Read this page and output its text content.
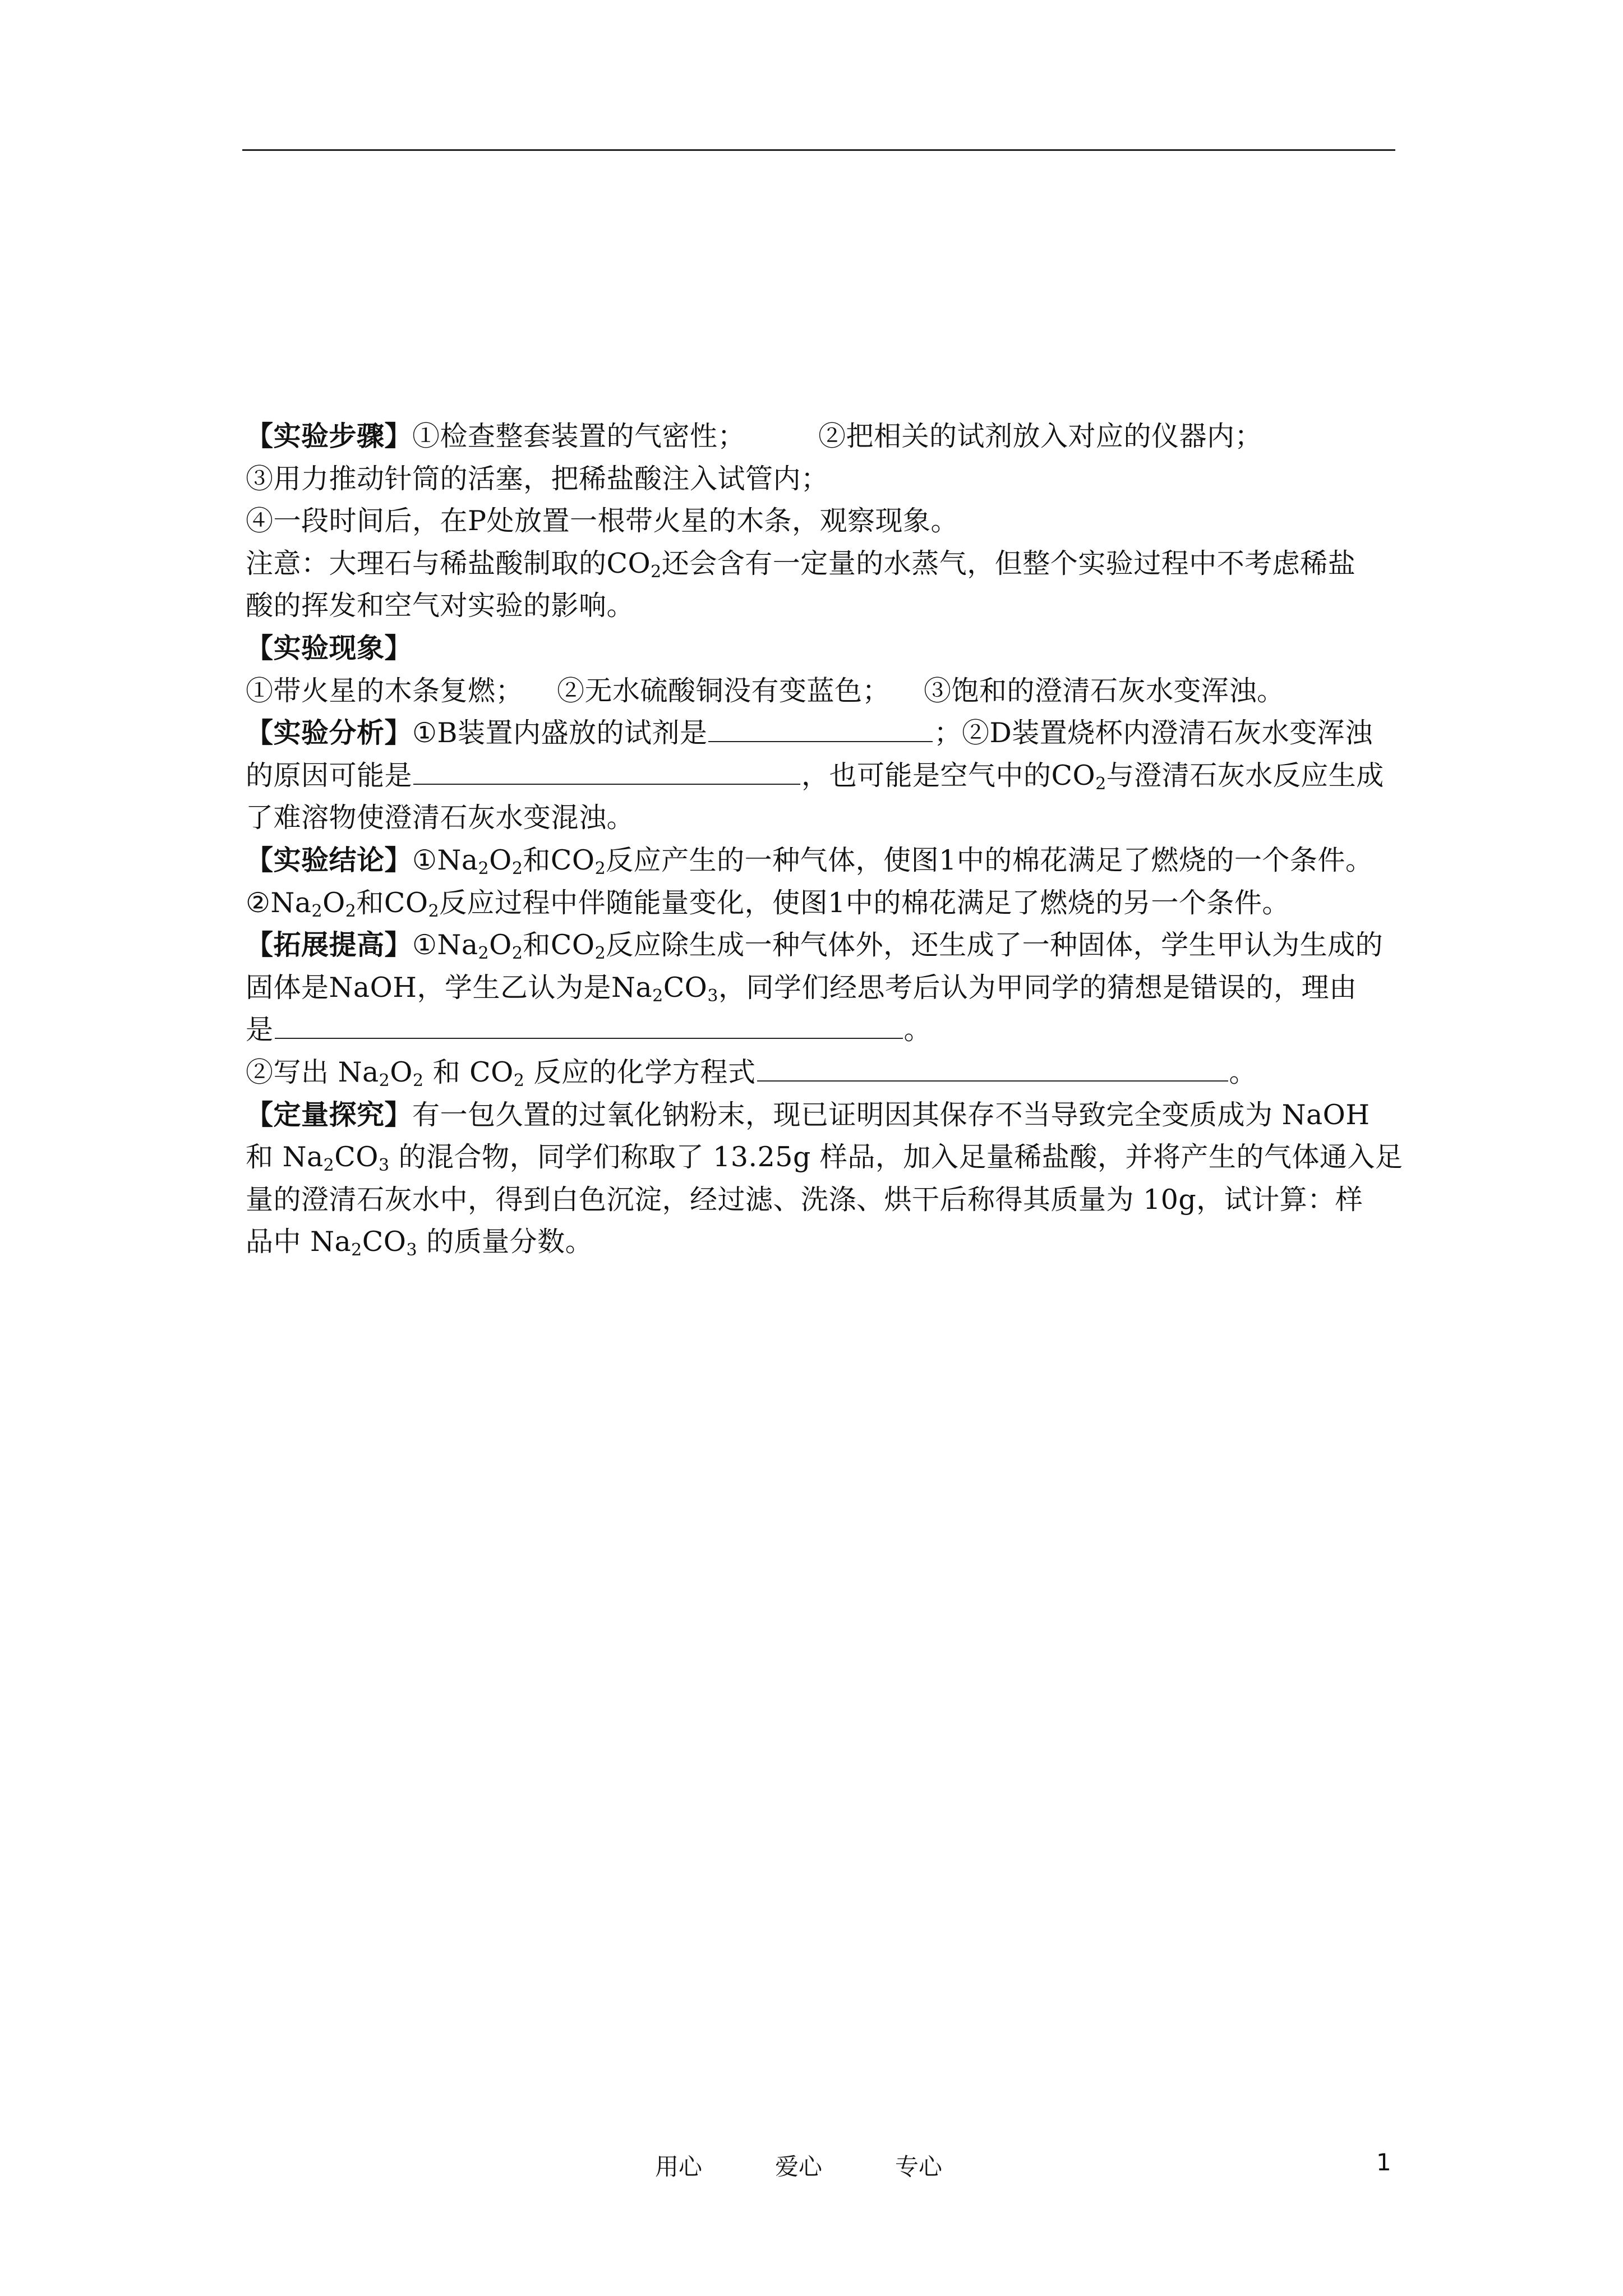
【实验步骤】①检查整套装置的气密性；	②把相关的试剂放入对应的仪器内；
③用力推动针筒的活塞，把稀盐酸注入试管内；
④一段时间后，在P处放置一根带火星的木条，观察现象。
注意：大理石与稀盐酸制取的$CO_2$还会含有一定量的水蒸气，但整个实验过程中不考虑稀盐
酸的挥发和空气对实验的影响。
【实验现象】
①带火星的木条复燃； ②无水硫酸铜没有变蓝色； ③饱和的澄清石灰水变浑浊。
【实验分析】①B装置内盛放的试剂是	；②D装置烧杯内澄清石灰水变浑浊
的原因可能是	，也可能是空气中的$CO_2$与澄清石灰水反应生成
了难溶物使澄清石灰水变混浊。
【实验结论】$①Na_2O_2$和$CO_2$反应产生的一种气体，使图1中的棉花满足了燃烧的一个条件。
$②Na_2O_2$和$CO_2$反应过程中伴随能量变化，使图1中的棉花满足了燃烧的另一个条件。
【拓展提高】$①Na_2O_2$和$CO_2$反应除生成一种气体外，还生成了一种固体，学生甲认为生成的
固体是NaOH，学生乙认为是$Na_2CO_3$，同学们经思考后认为甲同学的猜想是错误的，理由
是	。
②写出 $Na_2O_2$ 和 $CO_2$ 反应的化学方程式	。
【定量探究】有一包久置的过氧化钠粉末，现已证明因其保存不当导致完全变质成为 NaOH
和 $Na_2CO_3$ 的混合物，同学们称取了 13.25g 样品，加入足量稀盐酸，并将产生的气体通入足
量的澄清石灰水中，得到白色沉淀，经过滤、洗涤、烘干后称得其质量为 10g，试计算：样
品中 $Na_2CO_3$ 的质量分数。
用心	爱心	专心	1
